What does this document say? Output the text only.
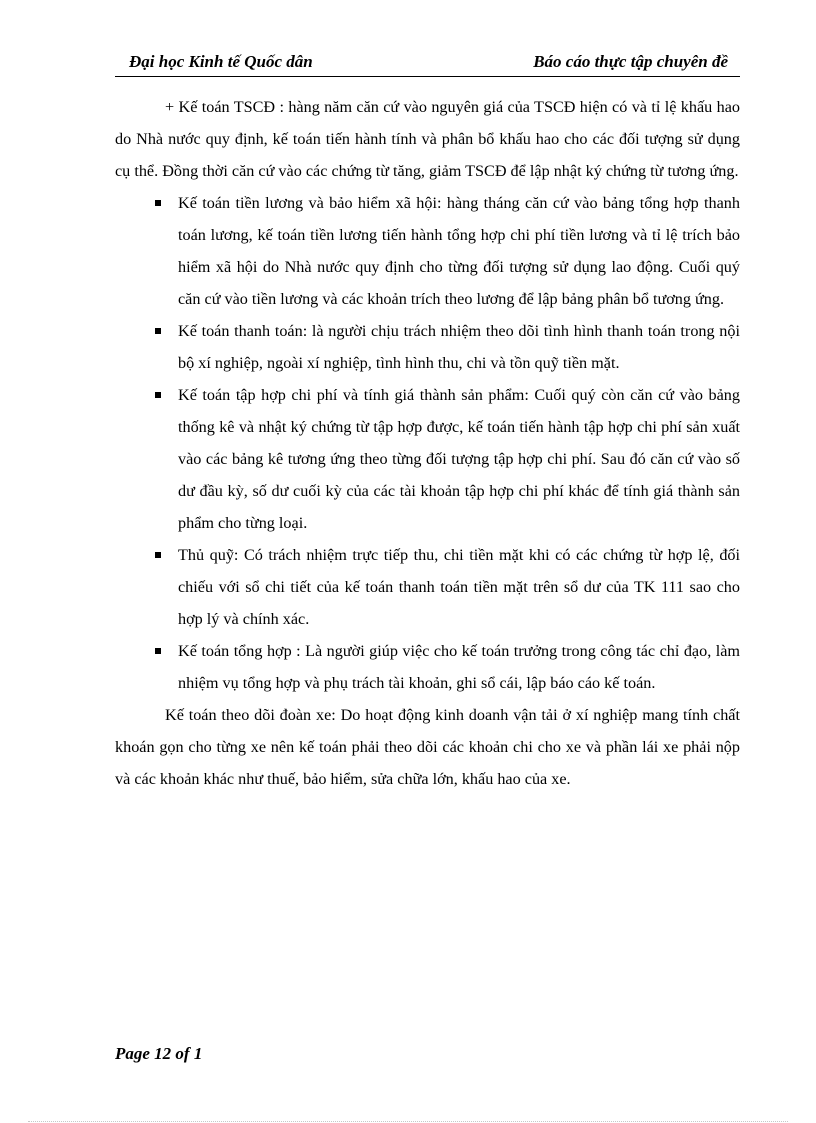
Đại học Kinh tế Quốc dân	Báo cáo thực tập chuyên đề

+ Kế toán TSCĐ : hàng năm căn cứ vào nguyên giá của TSCĐ hiện có và tỉ lệ khấu hao do Nhà nước quy định, kế toán tiến hành tính và phân bổ khấu hao cho các đối tượng sử dụng cụ thể. Đồng thời căn cứ vào các chứng từ tăng, giảm TSCĐ để lập nhật ký chứng từ tương ứng.

Kế toán tiền lương và bảo hiểm xã hội: hàng tháng căn cứ vào bảng tổng hợp thanh toán lương, kế toán tiền lương tiến hành tổng hợp chi phí tiền lương và tỉ lệ trích bảo hiểm xã hội do Nhà nước quy định cho từng đối tượng sử dụng lao động. Cuối quý căn cứ vào tiền lương và các khoản trích theo lương để lập bảng phân bổ tương ứng.
Kế toán thanh toán: là người chịu trách nhiệm theo dõi tình hình thanh toán trong nội bộ xí nghiệp, ngoài xí nghiệp, tình hình thu, chi và tồn quỹ tiền mặt.
Kế toán tập hợp chi phí và tính giá thành sản phẩm: Cuối quý còn căn cứ vào bảng thống kê và nhật ký chứng từ tập hợp được, kế toán tiến hành tập hợp chi phí sản xuất vào các bảng kê tương ứng theo từng đối tượng tập hợp chi phí. Sau đó căn cứ vào số dư đầu kỳ, số dư cuối kỳ của các tài khoản tập hợp chi phí khác để tính giá thành sản phẩm cho từng loại.
Thủ quỹ: Có trách nhiệm trực tiếp thu, chi tiền mặt khi có các chứng từ hợp lệ, đối chiếu với sổ chi tiết của kế toán thanh toán tiền mặt trên sổ dư của TK 111 sao cho hợp lý và chính xác.
Kế toán tổng hợp : Là người giúp việc cho kế toán trưởng trong công tác chỉ đạo, làm nhiệm vụ tổng hợp và phụ trách tài khoản, ghi sổ cái, lập báo cáo kế toán.

Kế toán theo dõi đoàn xe: Do hoạt động kinh doanh vận tải ở xí nghiệp mang tính chất khoán gọn cho từng xe nên kế toán phải theo dõi các khoản chi cho xe và phần lái xe phải nộp và các khoản khác như thuế, bảo hiểm, sửa chữa lớn, khấu hao của xe.

Page 12 of 1
